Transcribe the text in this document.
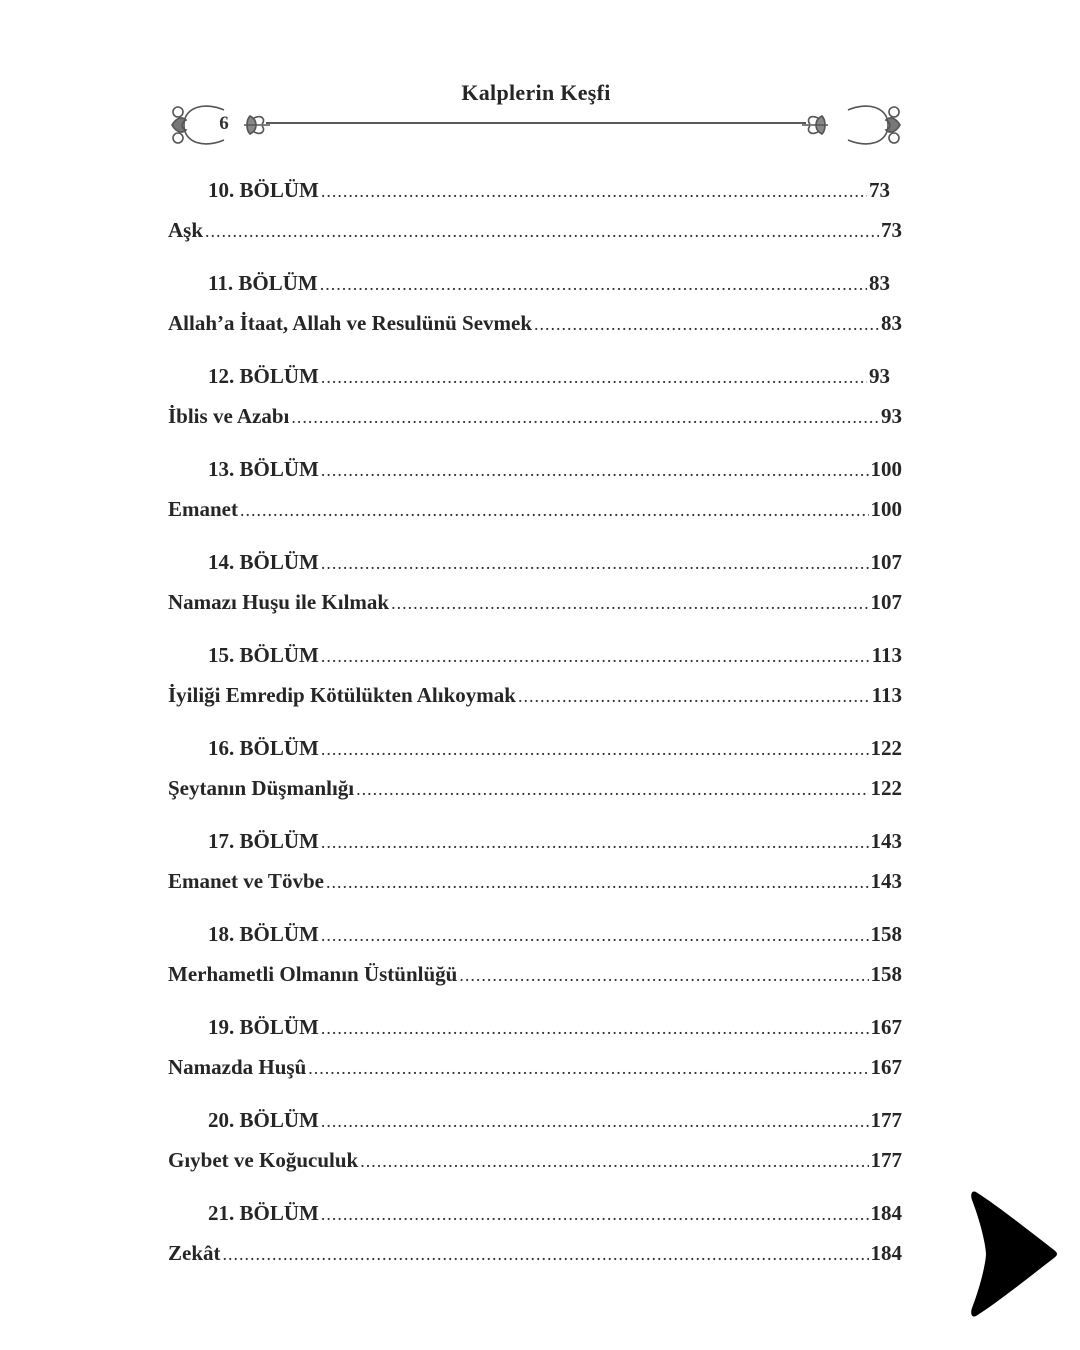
Kalplerin Keşfi
6
10. BÖLÜM .....	73
Aşk .....	73
11. BÖLÜM .....	83
Allah’a İtaat, Allah ve Resulünü Sevmek .....	83
12. BÖLÜM .....	93
İblis ve Azabı .....	93
13. BÖLÜM .....	100
Emanet .....	100
14. BÖLÜM .....	107
Namazı Huşu ile Kılmak .....	107
15. BÖLÜM .....	113
İyiliği Emredip Kötülükten Alıkoymak .....	113
16. BÖLÜM .....	122
Şeytanın Düşmanlığı .....	122
17. BÖLÜM .....	143
Emanet ve Tövbe .....	143
18. BÖLÜM .....	158
Merhametli Olmanın Üstünlüğü .....	158
19. BÖLÜM .....	167
Namazda Huşû .....	167
20. BÖLÜM .....	177
Gıybet ve Koğuculuk .....	177
21. BÖLÜM .....	184
Zekât .....	184
